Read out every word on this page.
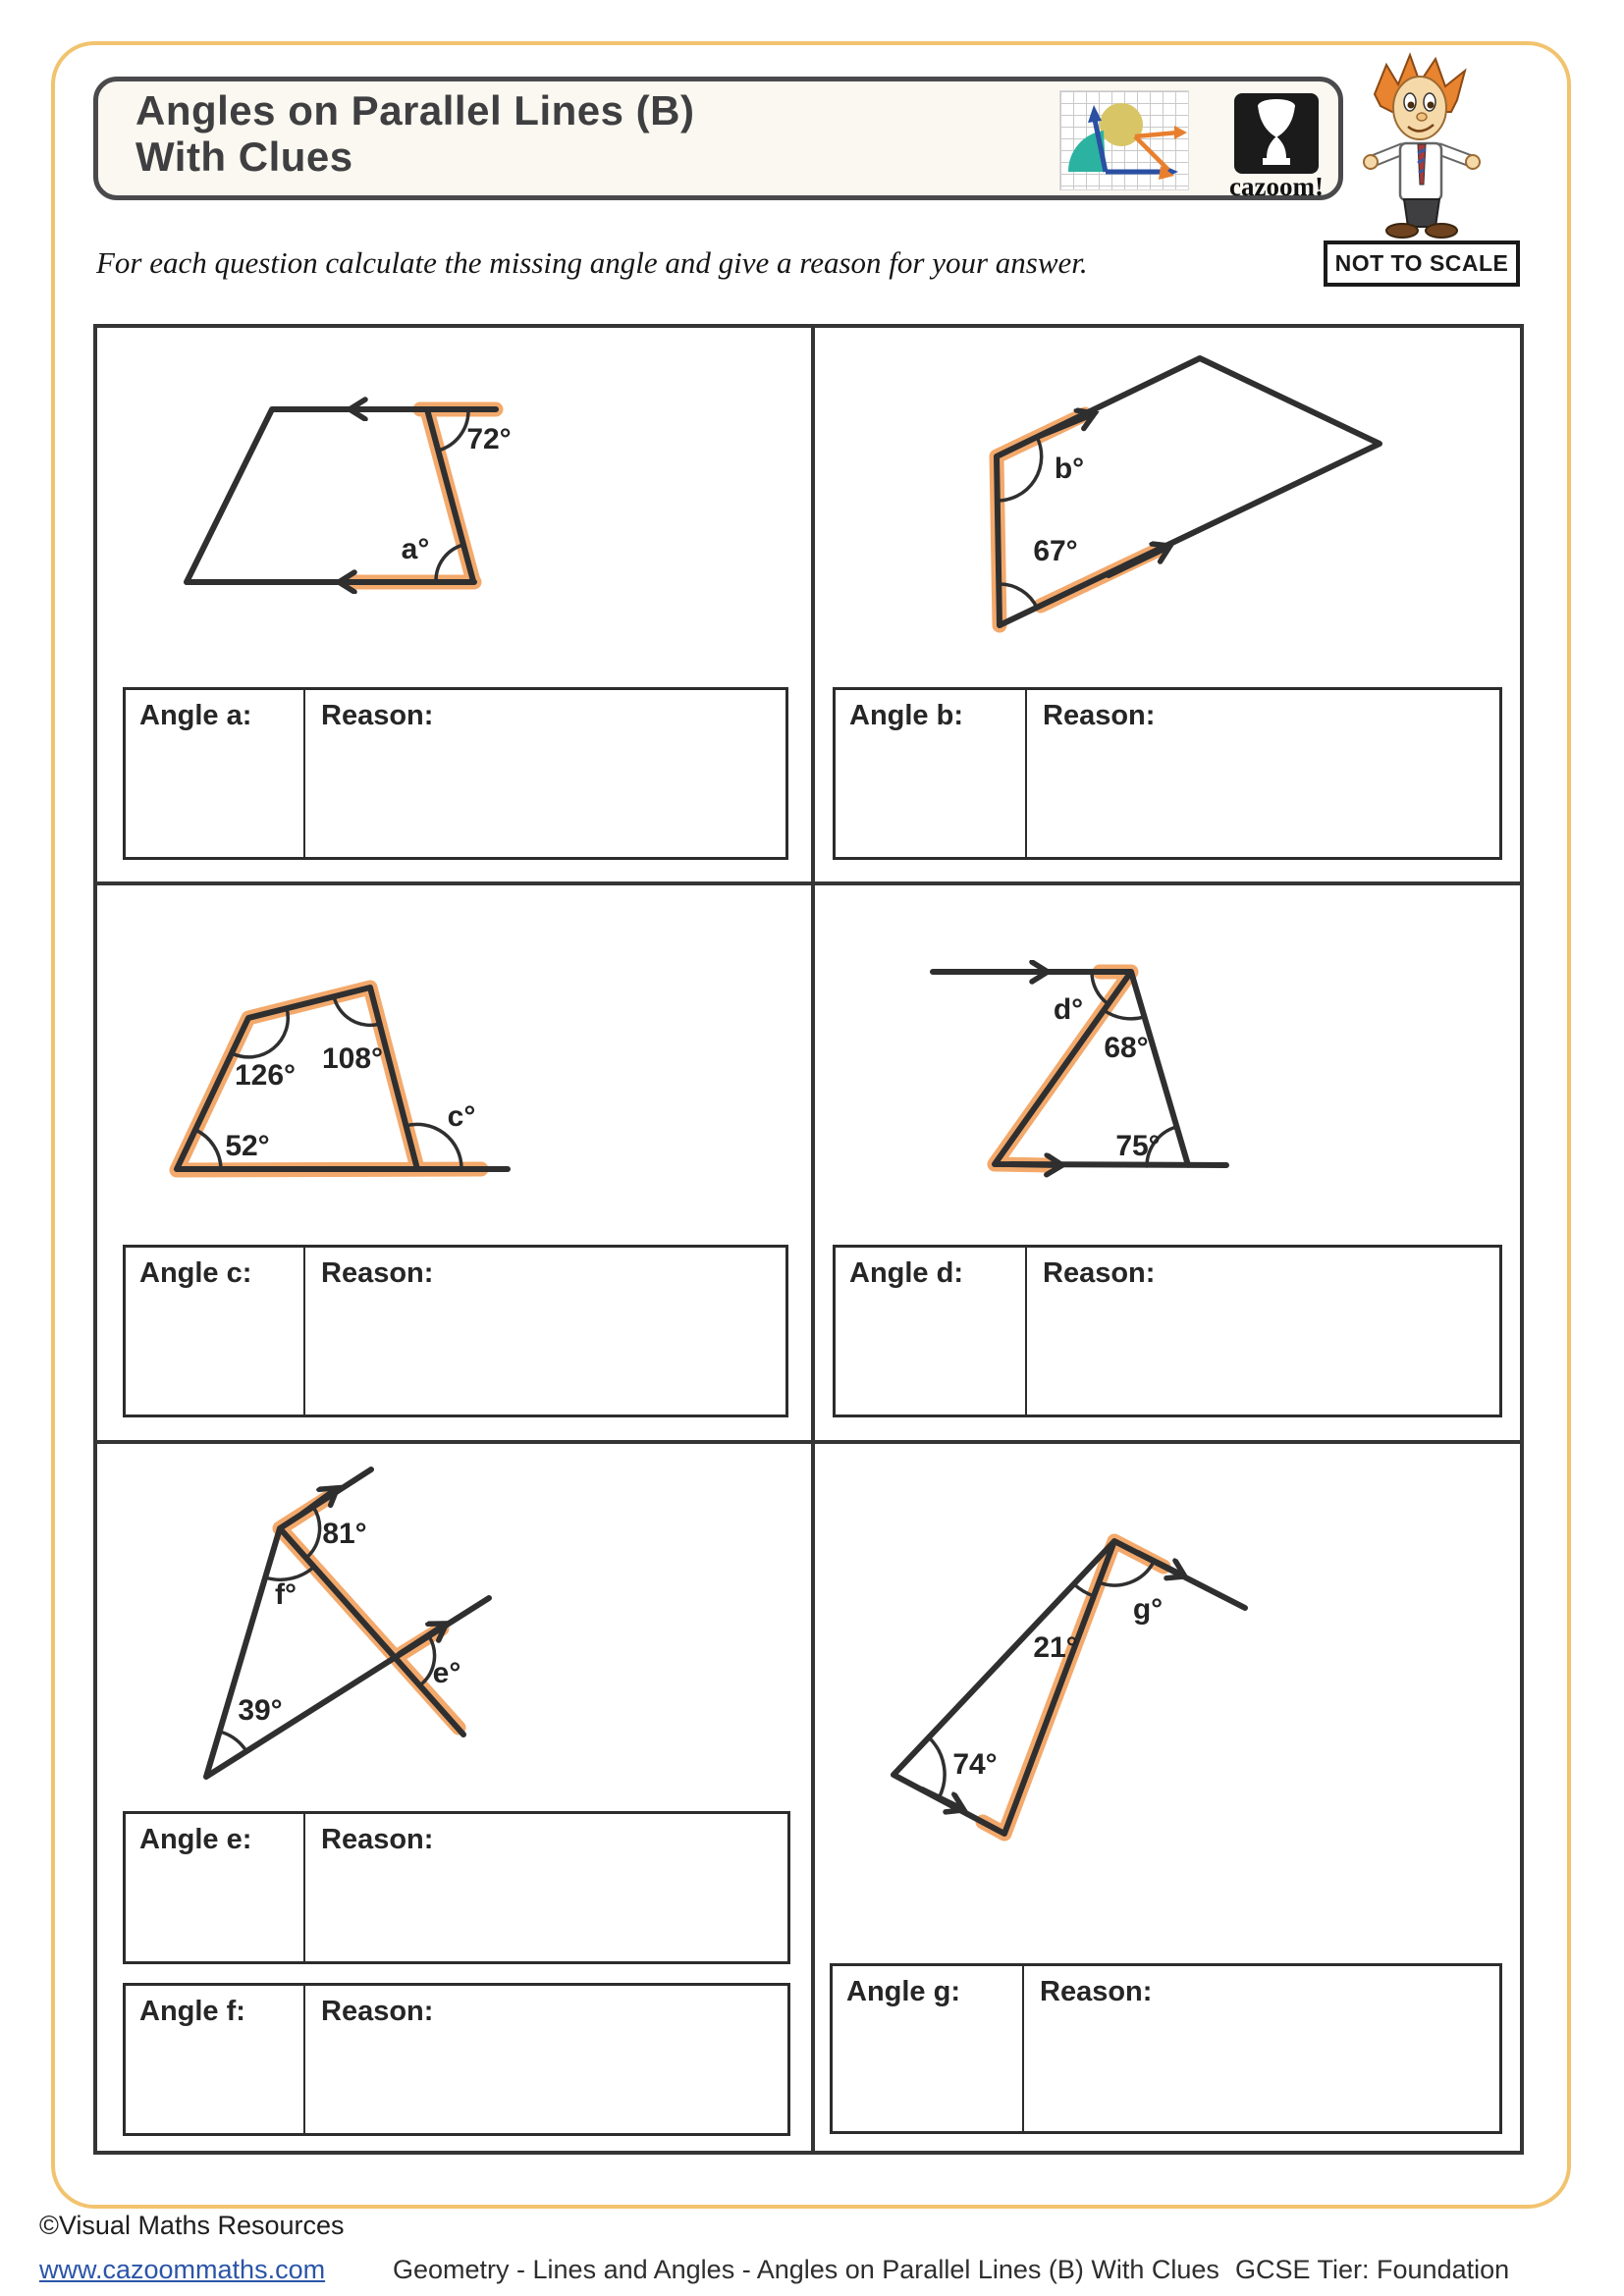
Angles on Parallel Lines (B)
With Clues
cazoom!
NOT TO SCALE
For each question calculate the missing angle and give a reason for your answer.
72°
a°
b°
67°
126°
108°
52°
c°
d°
68°
75°
81°
f°
e°
39°
g°
21°
74°
Angle a:	Reason:	Angle b:	Reason:
Angle c:	Reason:	Angle d:	Reason:
Angle e:	Reason:
Angle f:	Reason:
Angle g:	Reason:
©Visual Maths Resources
www.cazoommaths.com	Geometry - Lines and Angles - Angles on Parallel Lines (B) With Clues GCSE Tier: Foundation
